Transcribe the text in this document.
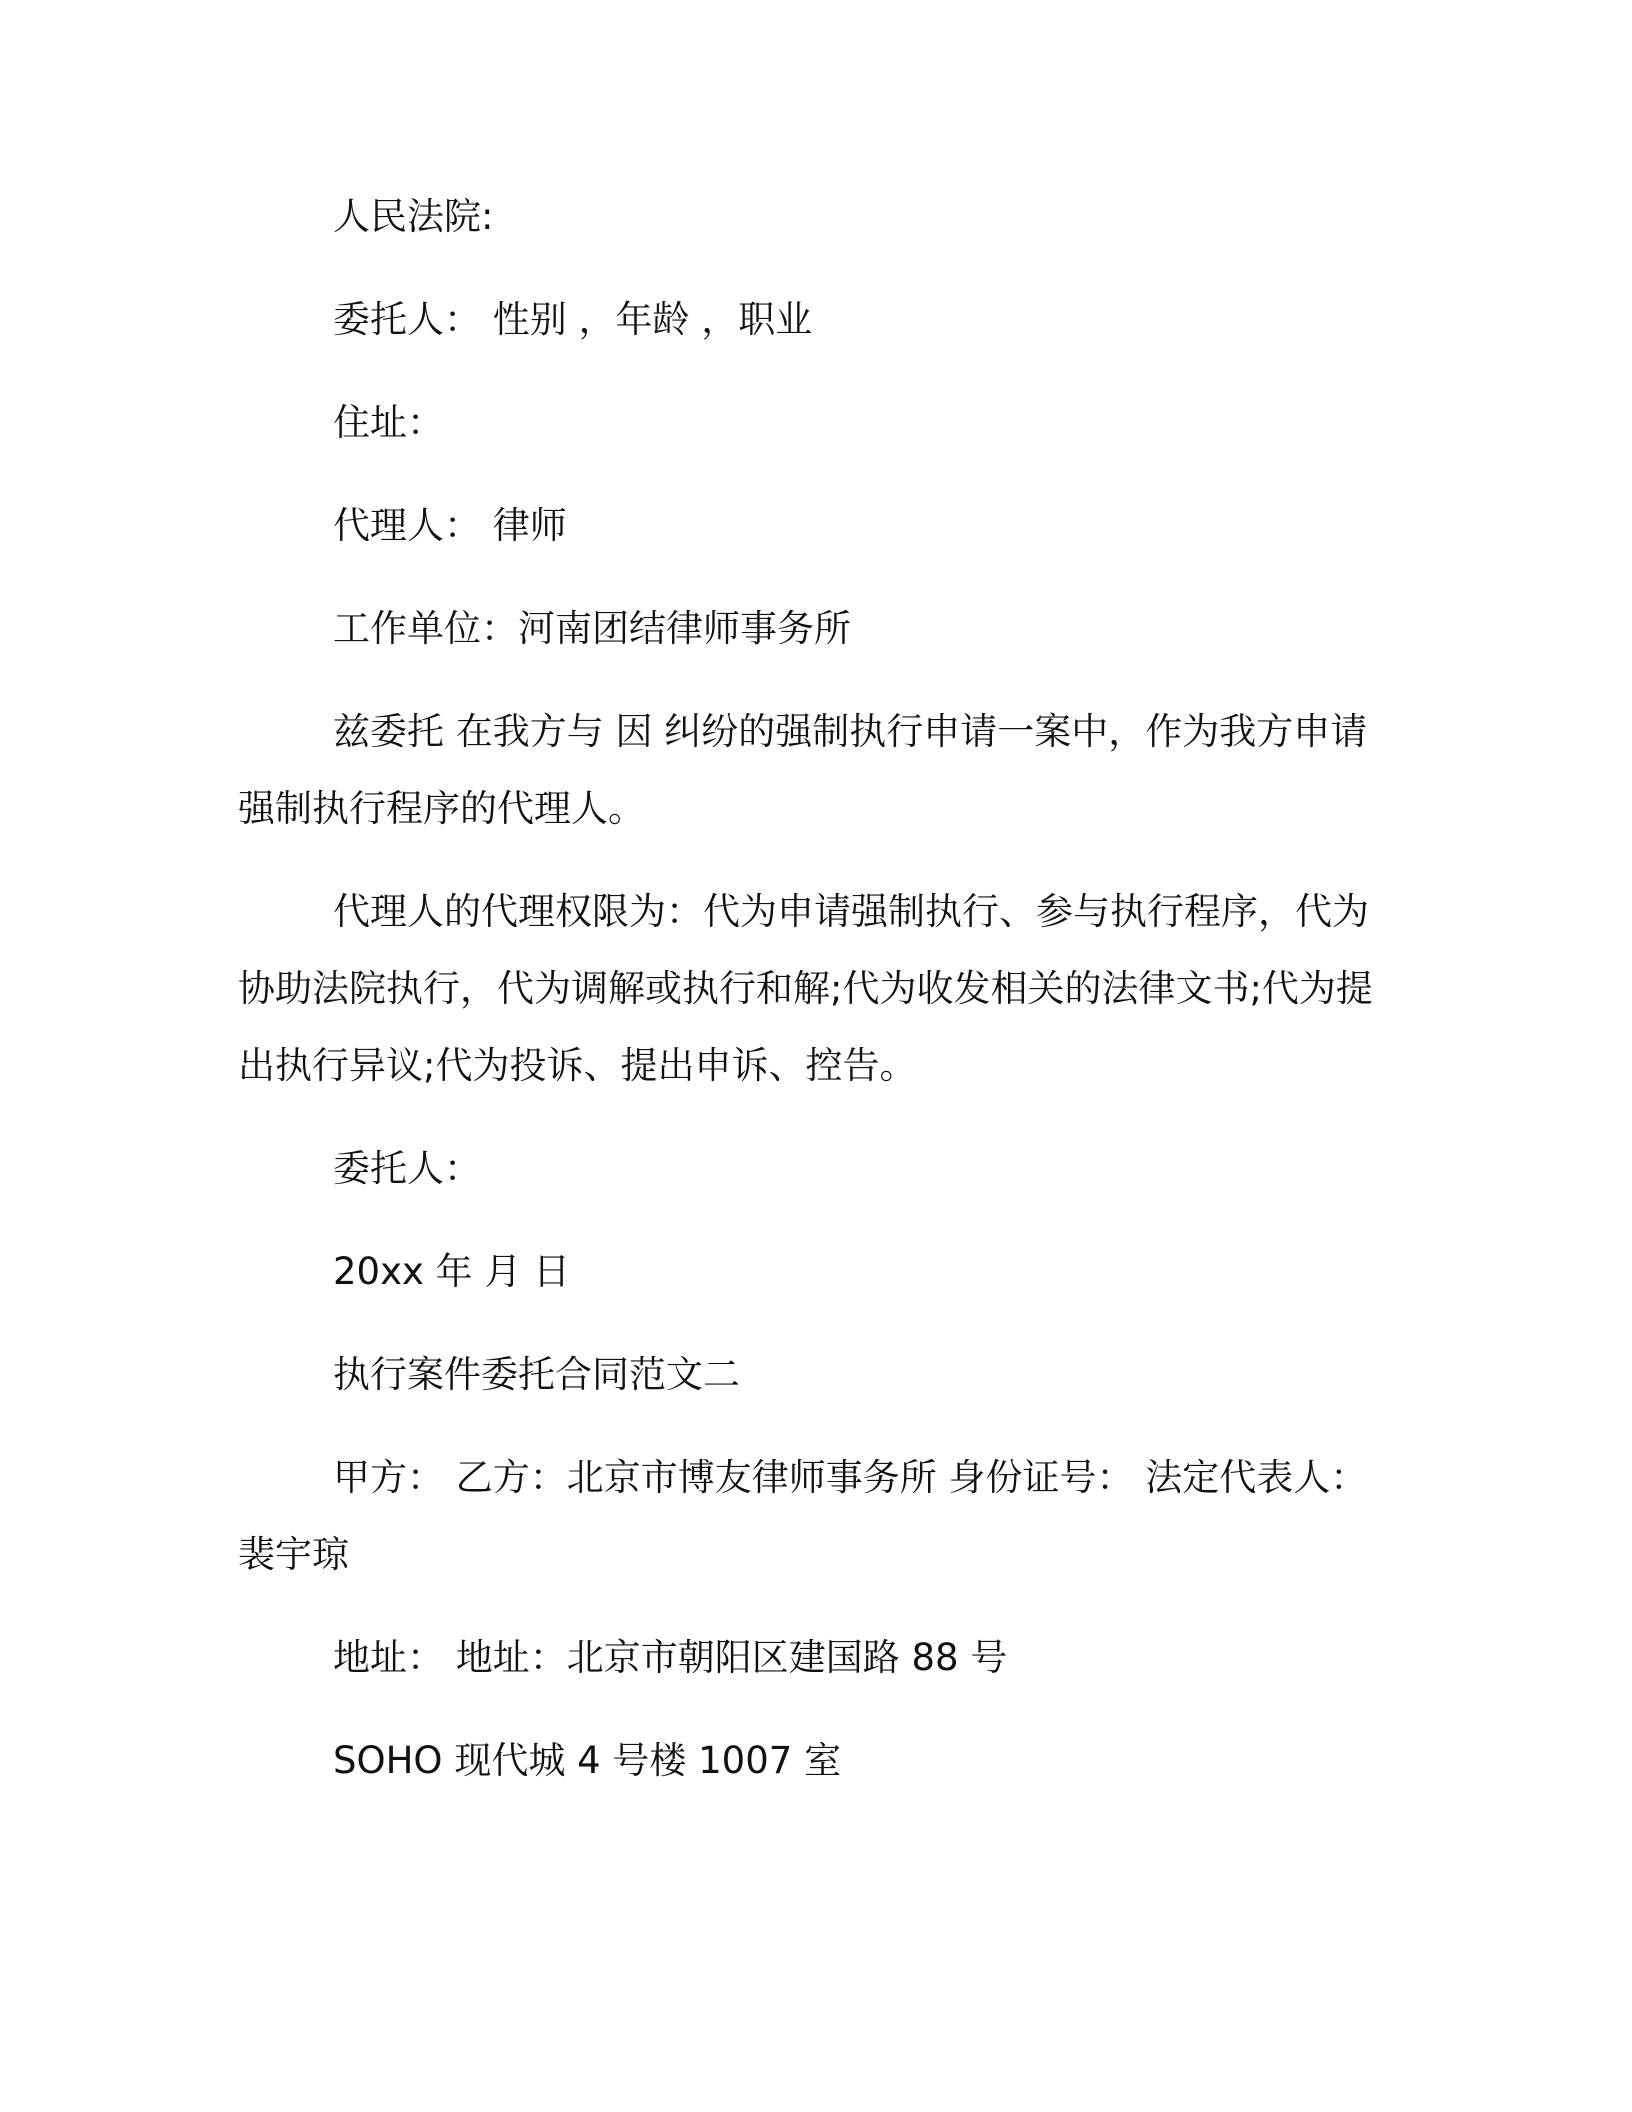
人民法院:

委托人： 性别 ，年龄 ，职业

住址：

代理人： 律师

工作单位：河南团结律师事务所

兹委托 在我方与 因 纠纷的强制执行申请一案中，作为我方申请

强制执行程序的代理人。

代理人的代理权限为：代为申请强制执行、参与执行程序，代为

协助法院执行，代为调解或执行和解;代为收发相关的法律文书;代为提

出执行异议;代为投诉、提出申诉、控告。

委托人：

20xx 年 月 日

执行案件委托合同范文二

甲方： 乙方：北京市博友律师事务所 身份证号： 法定代表人：

裴宇琼

地址： 地址：北京市朝阳区建国路 88 号

SOHO 现代城 4 号楼 1007 室
